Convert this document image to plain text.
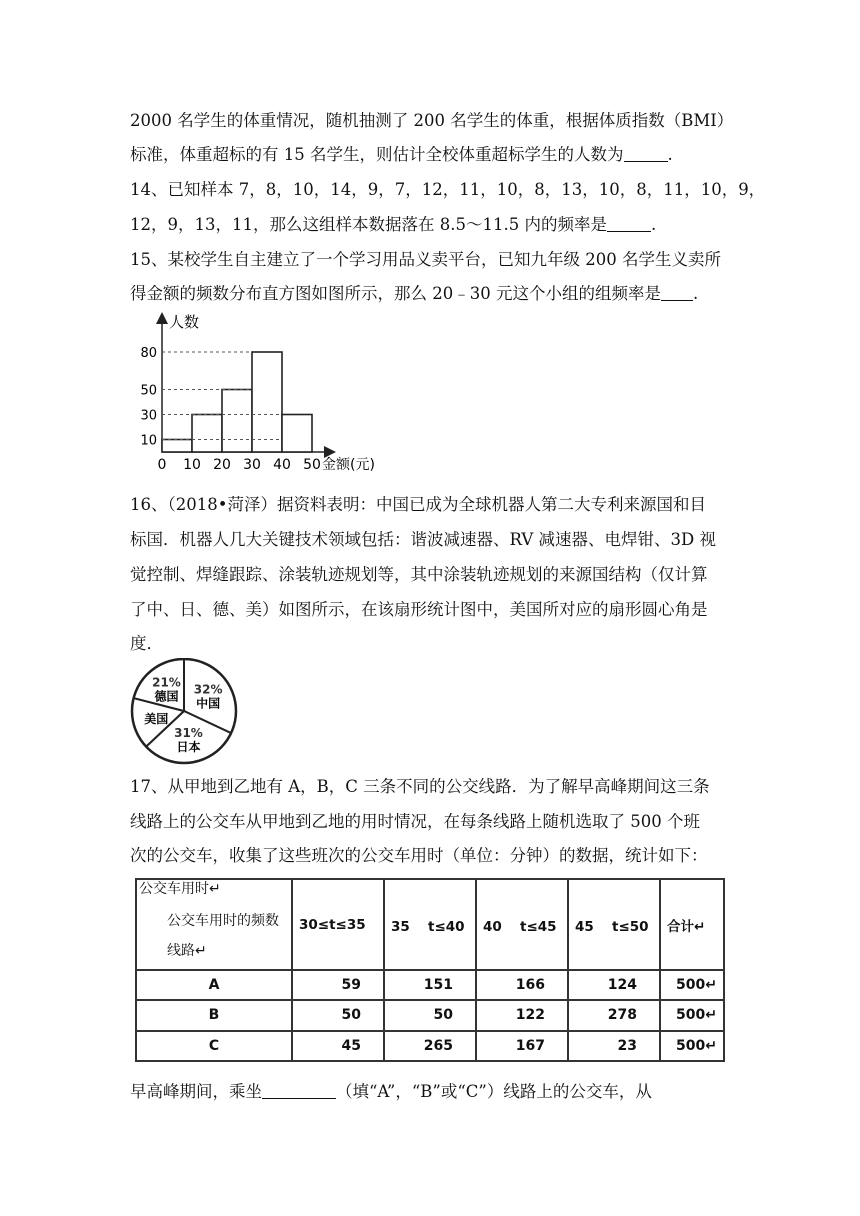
2000 名学生的体重情况，随机抽测了 200 名学生的体重，根据体质指数（BMI）
标准，体重超标的有 15 名学生，则估计全校体重超标学生的人数为	.
14、已知样本 7，8，10，14，9，7，12，11，10，8，13，10，8，11，10，9，
12，9，13，11，那么这组样本数据落在 8.5～11.5 内的频率是	.
15、某校学生自主建立了一个学习用品义卖平台，已知九年级 200 名学生义卖所
得金额的频数分布直方图如图所示，那么 20﹣30 元这个小组的组频率是 .
10
30
50
80
0 10 20 30 40 50
人数
金额(元)
16、（2018•菏泽）据资料表明：中国已成为全球机器人第二大专利来源国和目
标国．机器人几大关键技术领域包括：谐波减速器、RV 减速器、电焊钳、3D 视
觉控制、焊缝跟踪、涂装轨迹规划等，其中涂装轨迹规划的来源国结构（仅计算
了中、日、德、美）如图所示，在该扇形统计图中，美国所对应的扇形圆心角是
度．
32%
中国
31%
日本
美国
21%
德国
17、从甲地到乙地有 A，B，C 三条不同的公交线路．为了解早高峰期间这三条
线路上的公交车从甲地到乙地的用时情况，在每条线路上随机选取了 500 个班
次的公交车，收集了这些班次的公交车用时（单位：分钟）的数据，统计如下：
公交车用时↵
公交车用时的频数
线路↵	30≤t≤35	35　 t≤40	40　 t≤45	45　 t≤50	合计↵
A	59	151	166	124	500↵
B	50	50	122	278	500↵
C	45	265	167	23	500↵
早高峰期间，乘坐	（填“A”，“B”或“C”）线路上的公交车，从
